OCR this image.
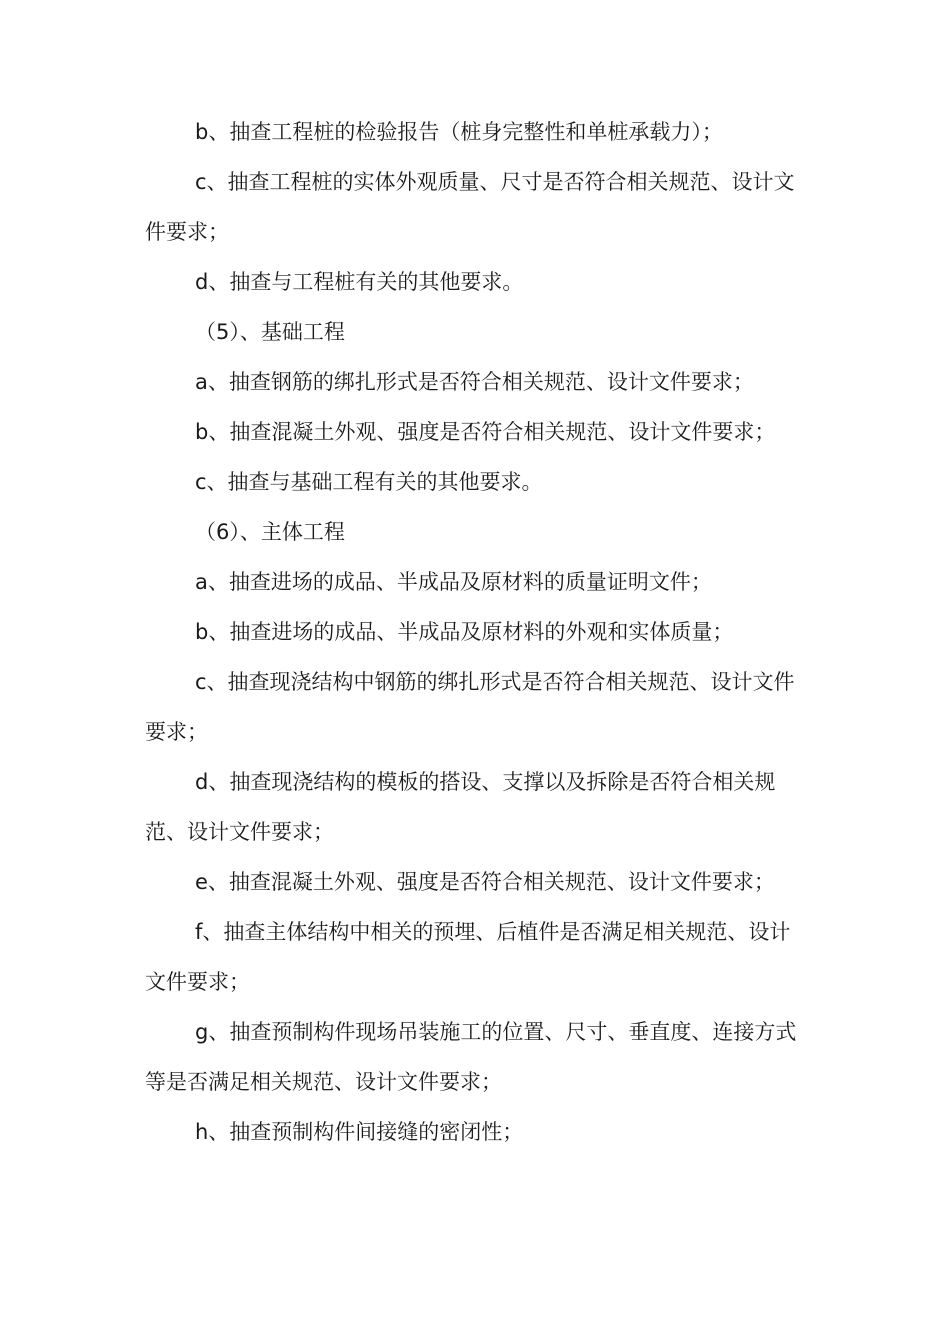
b、抽查工程桩的检验报告（桩身完整性和单桩承载力）；

c、抽查工程桩的实体外观质量、尺寸是否符合相关规范、设计文件要求；

d、抽查与工程桩有关的其他要求。

（5）、基础工程

a、抽查钢筋的绑扎形式是否符合相关规范、设计文件要求；

b、抽查混凝土外观、强度是否符合相关规范、设计文件要求；

c、抽查与基础工程有关的其他要求。

（6）、主体工程

a、抽查进场的成品、半成品及原材料的质量证明文件；

b、抽查进场的成品、半成品及原材料的外观和实体质量；

c、抽查现浇结构中钢筋的绑扎形式是否符合相关规范、设计文件要求；

d、抽查现浇结构的模板的搭设、支撑以及拆除是否符合相关规范、设计文件要求；

e、抽查混凝土外观、强度是否符合相关规范、设计文件要求；

f、抽查主体结构中相关的预埋、后植件是否满足相关规范、设计文件要求；

g、抽查预制构件现场吊装施工的位置、尺寸、垂直度、连接方式等是否满足相关规范、设计文件要求；

h、抽查预制构件间接缝的密闭性；
